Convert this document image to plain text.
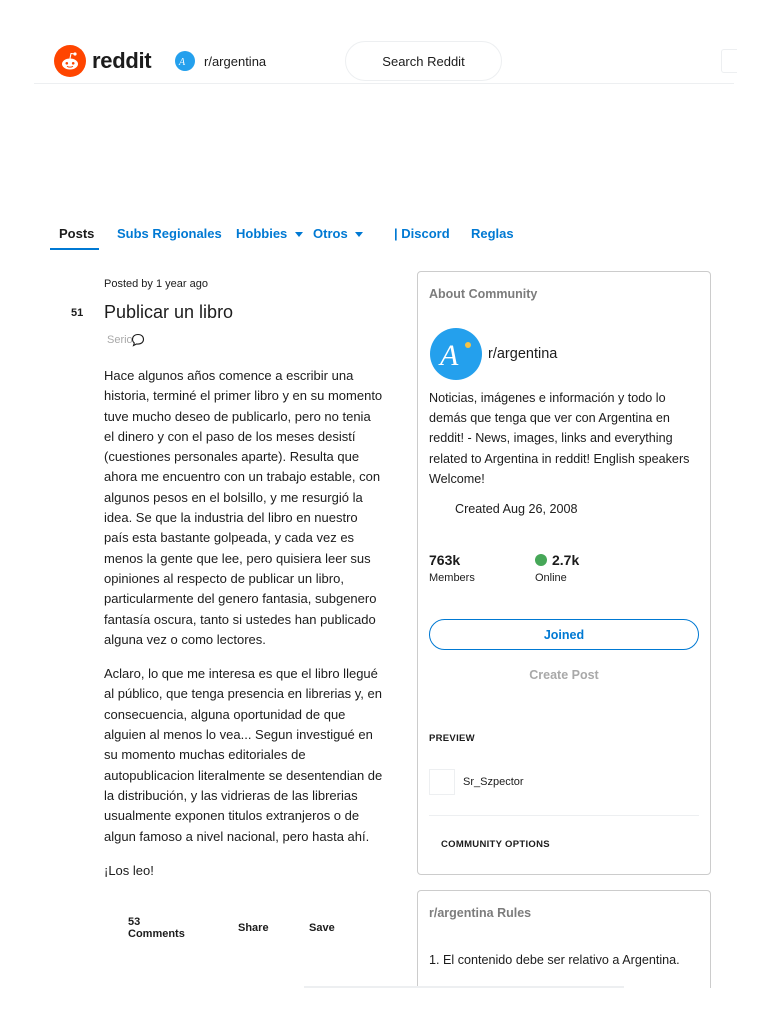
reddit	A r/argentina	Search Reddit
Posts Subs Regionales Hobbies	Otros	| Discord Reglas
Posted by 1 year ago
51 Publicar un libro
Serio

Hace algunos años comence a escribir una historia, terminé el primer libro y en su momento tuve mucho deseo de publicarlo, pero no tenia el dinero y con el paso de los meses desistí (cuestiones personales aparte). Resulta que ahora me encuentro con un trabajo estable, con algunos pesos en el bolsillo, y me resurgió la idea. Se que la industria del libro en nuestro país esta bastante golpeada, y cada vez es menos la gente que lee, pero quisiera leer sus opiniones al respecto de publicar un libro, particularmente del genero fantasia, subgenero fantasía oscura, tanto si ustedes han publicado alguna vez o como lectores.

Aclaro, lo que me interesa es que el libro llegué al público, que tenga presencia en librerias y, en consecuencia, alguna oportunidad de que alguien al menos lo vea... Segun investigué en su momento muchas editoriales de autopublicacion literalmente se desentendian de la distribución, y las vidrieras de las librerias usualmente exponen titulos extranjeros o de algun famoso a nivel nacional, pero hasta ahí.

¡Los leo!

53
Comments	Share	Save
About Community
A r/argentina
Noticias, imágenes e información y todo lo demás que tenga que ver con Argentina en reddit! - News, images, links and everything related to Argentina in reddit! English speakers Welcome!
Created Aug 26, 2008
763k
Members
2.7k
Online
Joined
Create Post
PREVIEW
Sr_Szpector
COMMUNITY OPTIONS
r/argentina Rules
1. El contenido debe ser relativo a Argentina.
